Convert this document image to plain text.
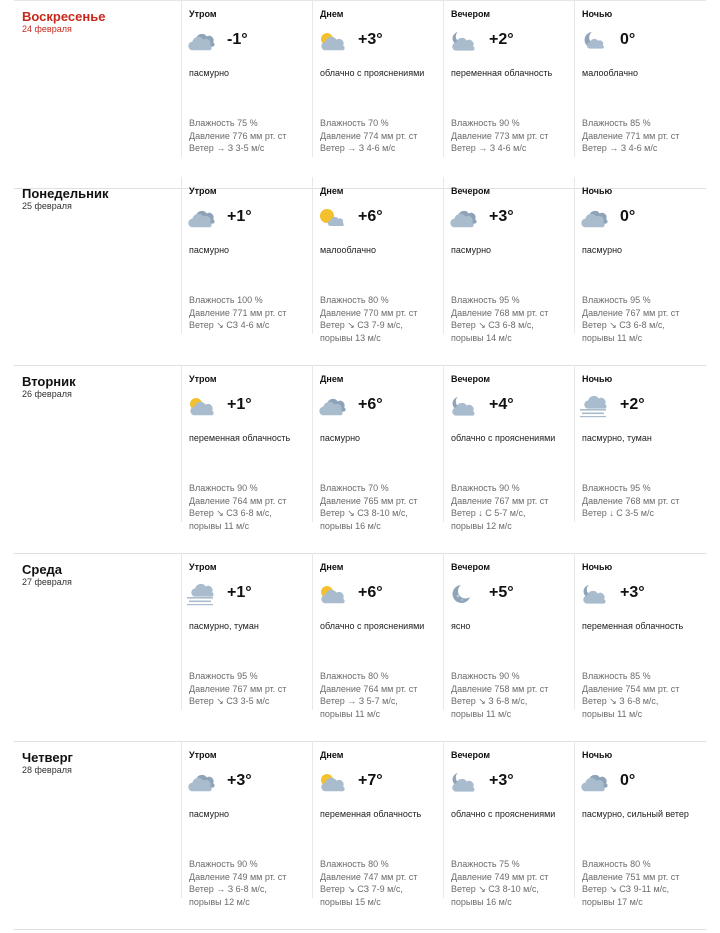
Воскресенье
24 февраля
Утром
-1°
пасмурно
Влажность 75 %
Давление 776 мм рт. ст
Ветер → З 3-5 м/с
Днем
+3°
облачно с прояснениями
Влажность 70 %
Давление 774 мм рт. ст
Ветер → З 4-6 м/с
Вечером
+2°
переменная облачность
Влажность 90 %
Давление 773 мм рт. ст
Ветер → З 4-6 м/с
Ночью
0°
малооблачно
Влажность 85 %
Давление 771 мм рт. ст
Ветер → З 4-6 м/с
Понедельник
25 февраля
Утром
+1°
пасмурно
Влажность 100 %
Давление 771 мм рт. ст
Ветер ↘ СЗ 4-6 м/с
Днем
+6°
малооблачно
Влажность 80 %
Давление 770 мм рт. ст
Ветер ↘ СЗ 7-9 м/с,
порывы 13 м/с
Вечером
+3°
пасмурно
Влажность 95 %
Давление 768 мм рт. ст
Ветер ↘ СЗ 6-8 м/с,
порывы 14 м/с
Ночью
0°
пасмурно
Влажность 95 %
Давление 767 мм рт. ст
Ветер ↘ СЗ 6-8 м/с,
порывы 11 м/с
Вторник
26 февраля
Утром
+1°
переменная облачность
Влажность 90 %
Давление 764 мм рт. ст
Ветер ↘ СЗ 6-8 м/с,
порывы 11 м/с
Днем
+6°
пасмурно
Влажность 70 %
Давление 765 мм рт. ст
Ветер ↘ СЗ 8-10 м/с,
порывы 16 м/с
Вечером
+4°
облачно с прояснениями
Влажность 90 %
Давление 767 мм рт. ст
Ветер ↓ С 5-7 м/с,
порывы 12 м/с
Ночью
+2°
пасмурно, туман
Влажность 95 %
Давление 768 мм рт. ст
Ветер ↓ С 3-5 м/с
Среда
27 февраля
Утром
+1°
пасмурно, туман
Влажность 95 %
Давление 767 мм рт. ст
Ветер ↘ СЗ 3-5 м/с
Днем
+6°
облачно с прояснениями
Влажность 80 %
Давление 764 мм рт. ст
Ветер → З 5-7 м/с,
порывы 11 м/с
Вечером
+5°
ясно
Влажность 90 %
Давление 758 мм рт. ст
Ветер ↘ З 6-8 м/с,
порывы 11 м/с
Ночью
+3°
переменная облачность
Влажность 85 %
Давление 754 мм рт. ст
Ветер ↘ З 6-8 м/с,
порывы 11 м/с
Четверг
28 февраля
Утром
+3°
пасмурно
Влажность 90 %
Давление 749 мм рт. ст
Ветер → З 6-8 м/с,
порывы 12 м/с
Днем
+7°
переменная облачность
Влажность 80 %
Давление 747 мм рт. ст
Ветер ↘ СЗ 7-9 м/с,
порывы 15 м/с
Вечером
+3°
облачно с прояснениями
Влажность 75 %
Давление 749 мм рт. ст
Ветер ↘ СЗ 8-10 м/с,
порывы 16 м/с
Ночью
0°
пасмурно, сильный ветер
Влажность 80 %
Давление 751 мм рт. ст
Ветер ↘ СЗ 9-11 м/с,
порывы 17 м/с
